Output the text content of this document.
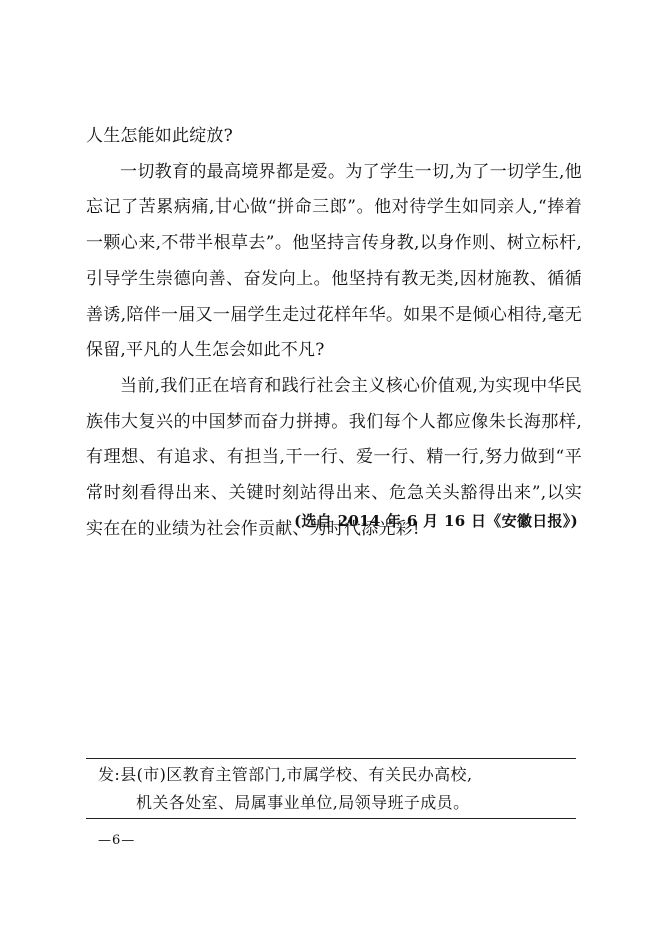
人生怎能如此绽放?

一切教育的最高境界都是爱。为了学生一切,为了一切学生,他忘记了苦累病痛,甘心做“拼命三郎”。他对待学生如同亲人,“捧着一颗心来,不带半根草去”。他坚持言传身教,以身作则、树立标杆,引导学生崇德向善、奋发向上。他坚持有教无类,因材施教、循循善诱,陪伴一届又一届学生走过花样年华。如果不是倾心相待,毫无保留,平凡的人生怎会如此不凡?

当前,我们正在培育和践行社会主义核心价值观,为实现中华民族伟大复兴的中国梦而奋力拼搏。我们每个人都应像朱长海那样,有理想、有追求、有担当,干一行、爱一行、精一行,努力做到“平常时刻看得出来、关键时刻站得出来、危急关头豁得出来”,以实实在在的业绩为社会作贡献、为时代添光彩!

(选自 2014 年 6 月 16 日《安徽日报》)

发:县(市)区教育主管部门,市属学校、有关民办高校,

机关各处室、局属事业单位,局领导班子成员。

—6—
